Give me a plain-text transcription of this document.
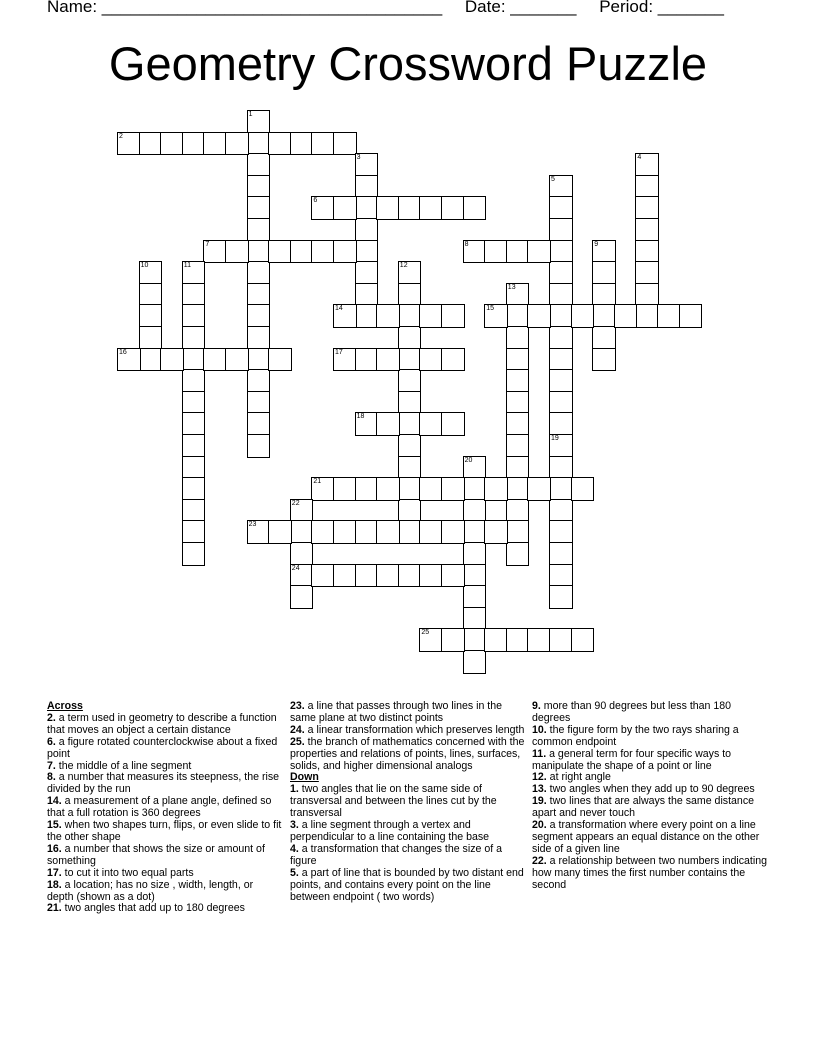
Name: ____________________________________ Date: _______ Period: _______
Geometry Crossword Puzzle
1
2
3	4
5
6
7	8	9
10	11	12
13
14	15
16	17
18
19
20
21
22
24
23
25
Across
2. a term used in geometry to describe a function that moves an object a certain distance
6. a figure rotated counterclockwise about a fixed point
7. the middle of a line segment
8. a number that measures its steepness, the rise divided by the run
14. a measurement of a plane angle, defined so that a full rotation is 360 degrees
15. when two shapes turn, flips, or even slide to fit the other shape
16. a number that shows the size or amount of something
17. to cut it into two equal parts
18. a location; has no size , width, length, or depth (shown as a dot)
21. two angles that add up to 180 degrees
23. a line that passes through two lines in the same plane at two distinct points
24. a linear transformation which preserves length
25. the branch of mathematics concerned with the properties and relations of points, lines, surfaces, solids, and higher dimensional analogs
Down
1. two angles that lie on the same side of transversal and between the lines cut by the transversal
3. a line segment through a vertex and perpendicular to a line containing the base
4. a transformation that changes the size of a figure
5. a part of line that is bounded by two distant end points, and contains every point on the line between endpoint ( two words)
9. more than 90 degrees but less than 180 degrees
10. the figure form by the two rays sharing a common endpoint
11. a general term for four specific ways to manipulate the shape of a point or line
12. at right angle
13. two angles when they add up to 90 degrees
19. two lines that are always the same distance apart and never touch
20. a transformation where every point on a line segment appears an equal distance on the other side of a given line
22. a relationship between two numbers indicating how many times the first number contains the second
